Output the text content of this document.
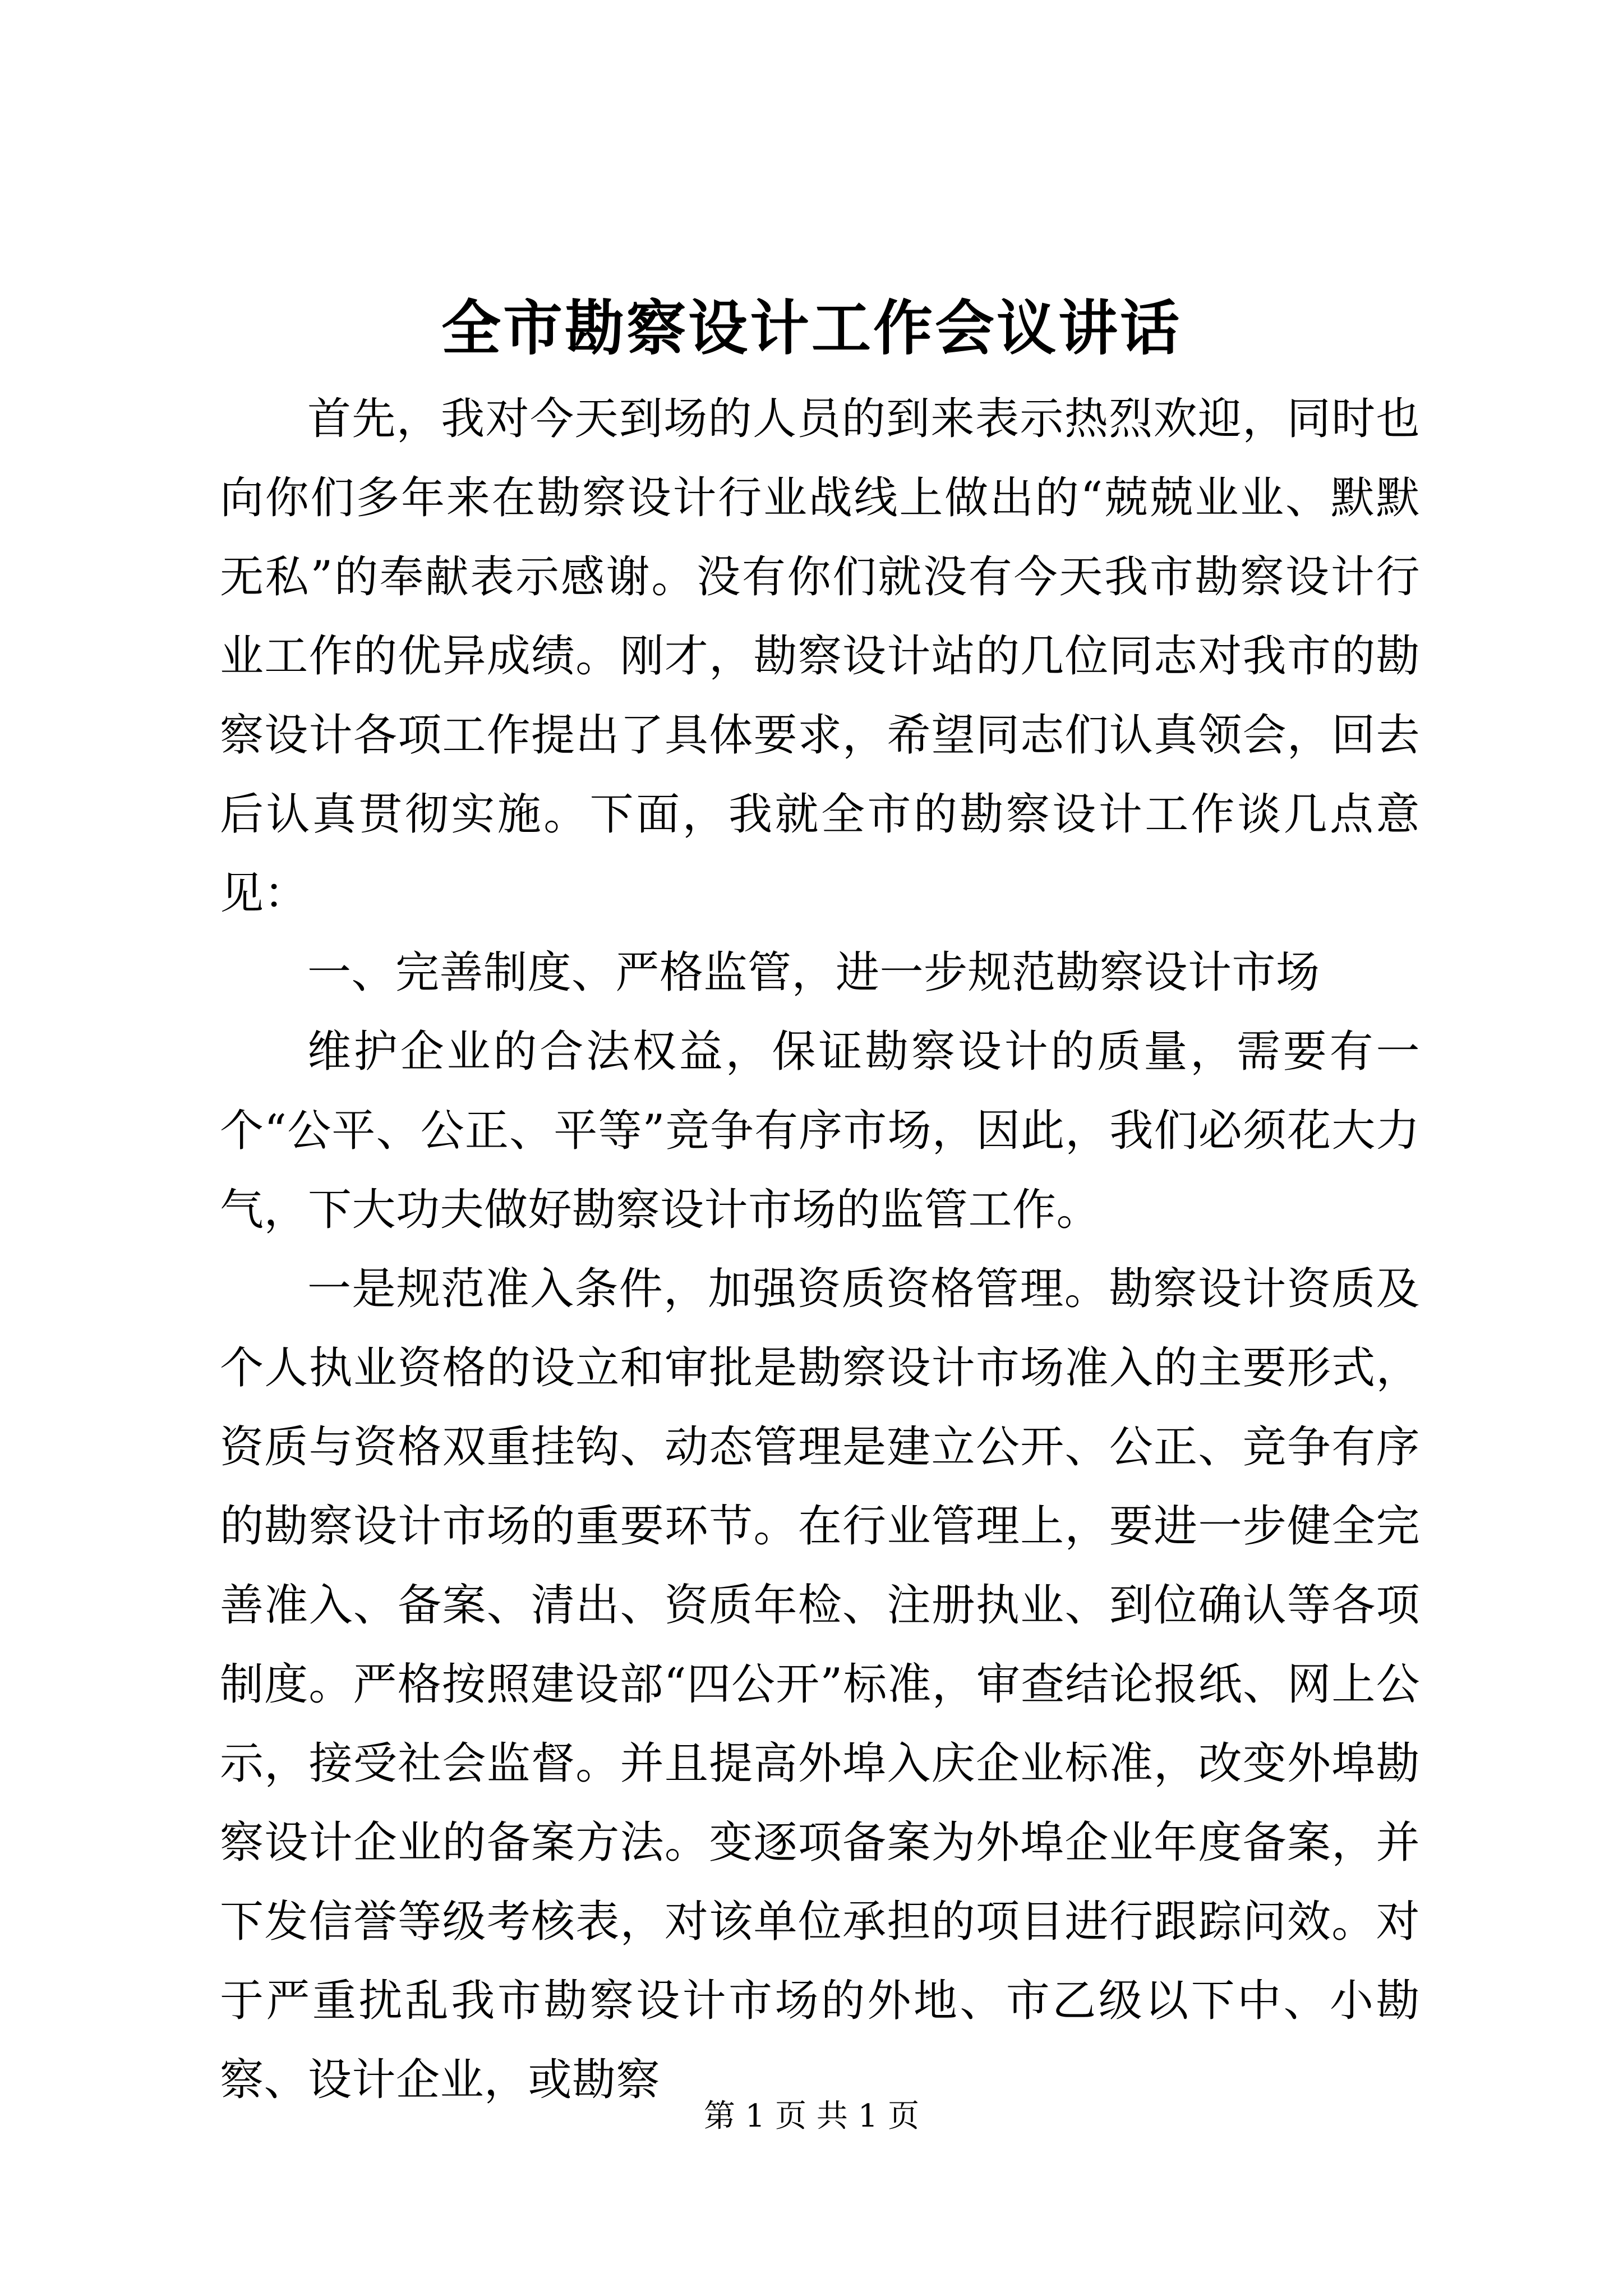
全市勘察设计工作会议讲话

首先，我对今天到场的人员的到来表示热烈欢迎，同时也向你们多年来在勘察设计行业战线上做出的“兢兢业业、默默无私”的奉献表示感谢。没有你们就没有今天我市勘察设计行业工作的优异成绩。刚才，勘察设计站的几位同志对我市的勘察设计各项工作提出了具体要求，希望同志们认真领会，回去后认真贯彻实施。下面，我就全市的勘察设计工作谈几点意见：

一、完善制度、严格监管，进一步规范勘察设计市场

维护企业的合法权益，保证勘察设计的质量，需要有一个“公平、公正、平等”竞争有序市场，因此，我们必须花大力气，下大功夫做好勘察设计市场的监管工作。

一是规范准入条件，加强资质资格管理。勘察设计资质及个人执业资格的设立和审批是勘察设计市场准入的主要形式，资质与资格双重挂钩、动态管理是建立公开、公正、竞争有序的勘察设计市场的重要环节。在行业管理上，要进一步健全完善准入、备案、清出、资质年检、注册执业、到位确认等各项制度。严格按照建设部“四公开”标准，审查结论报纸、网上公示，接受社会监督。并且提高外埠入庆企业标准，改变外埠勘察设计企业的备案方法。变逐项备案为外埠企业年度备案，并下发信誉等级考核表，对该单位承担的项目进行跟踪问效。对于严重扰乱我市勘察设计市场的外地、市乙级以下中、小勘察、设计企业，或勘察

第 1 页 共 1 页
